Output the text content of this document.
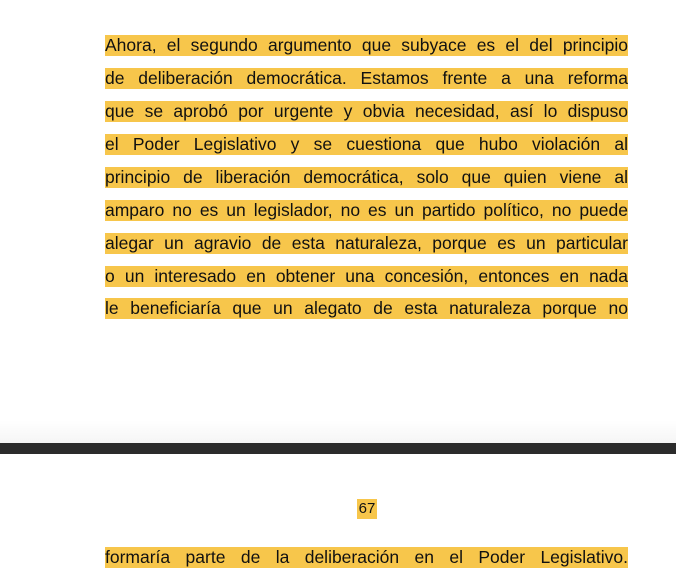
Ahora, el segundo argumento que subyace es el del principio
de deliberación democrática. Estamos frente a una reforma
que se aprobó por urgente y obvia necesidad, así lo dispuso
el Poder Legislativo y se cuestiona que hubo violación al
principio de liberación democrática, solo que quien viene al
amparo no es un legislador, no es un partido político, no puede
alegar un agravio de esta naturaleza, porque es un particular
o un interesado en obtener una concesión, entonces en nada
le beneficiaría que un alegato de esta naturaleza porque no
67
formaría parte de la deliberación en el Poder Legislativo.
